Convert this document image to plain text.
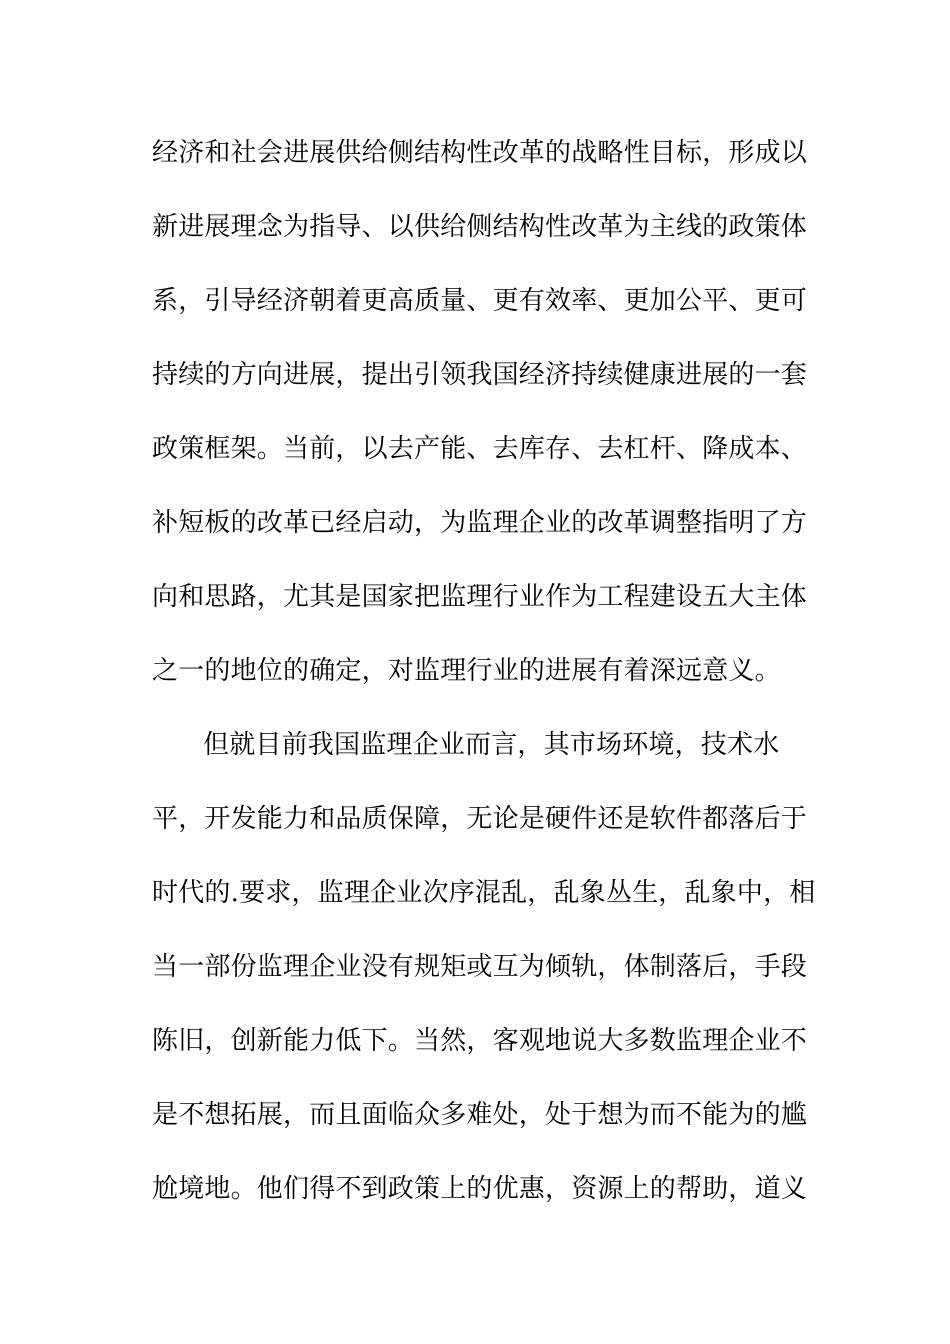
经济和社会进展供给侧结构性改革的战略性目标，形成以
新进展理念为指导、以供给侧结构性改革为主线的政策体
系，引导经济朝着更高质量、更有效率、更加公平、更可
持续的方向进展，提出引领我国经济持续健康进展的一套
政策框架。当前，以去产能、去库存、去杠杆、降成本、
补短板的改革已经启动，为监理企业的改革调整指明了方
向和思路，尤其是国家把监理行业作为工程建设五大主体
之一的地位的确定，对监理行业的进展有着深远意义。
但就目前我国监理企业而言，其市场环境，技术水
平，开发能力和品质保障，无论是硬件还是软件都落后于
时代的.要求，监理企业次序混乱，乱象丛生，乱象中，相
当一部份监理企业没有规矩或互为倾轨，体制落后，手段
陈旧，创新能力低下。当然，客观地说大多数监理企业不
是不想拓展，而且面临众多难处，处于想为而不能为的尴
尬境地。他们得不到政策上的优惠，资源上的帮助，道义
